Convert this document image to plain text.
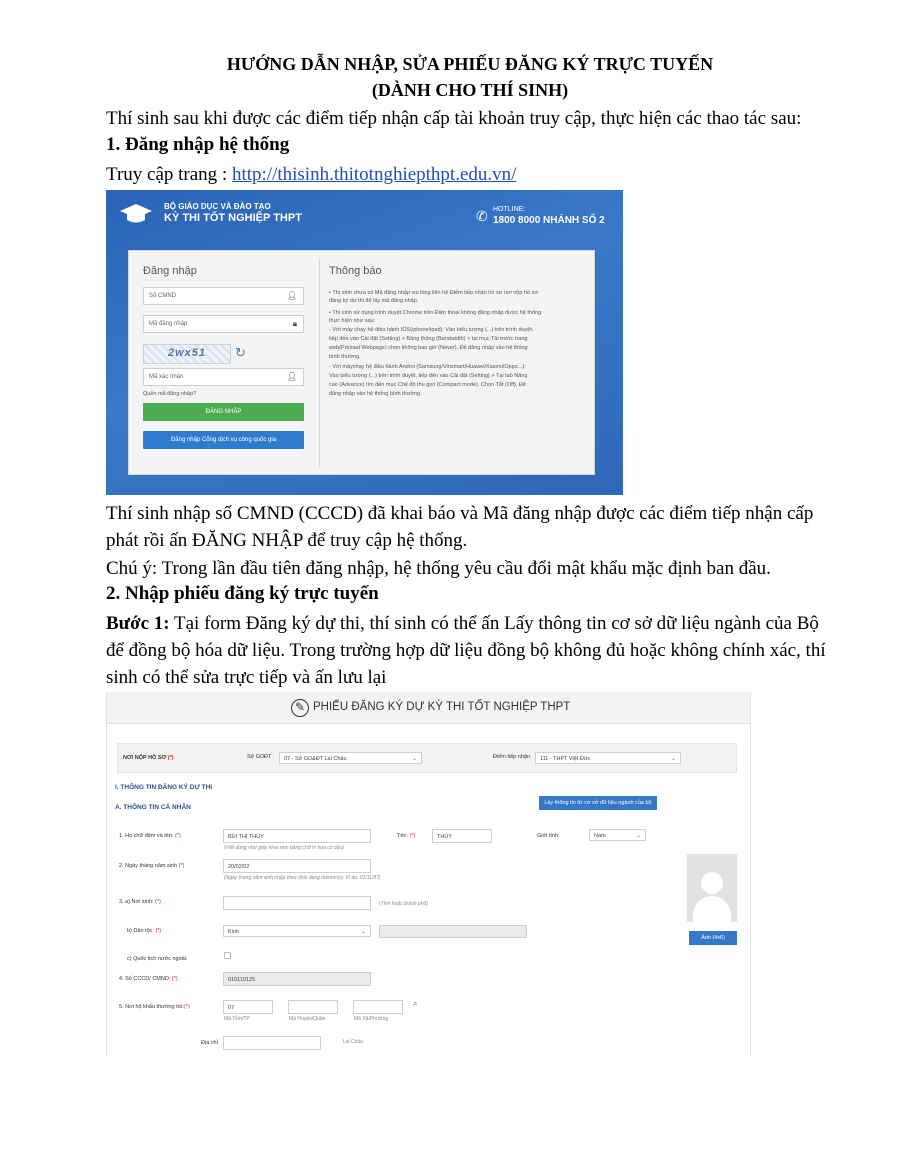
HƯỚNG DẪN NHẬP, SỬA PHIẾU ĐĂNG KÝ TRỰC TUYẾN
(DÀNH CHO THÍ SINH)
Thí sinh sau khi được các điểm tiếp nhận cấp tài khoản truy cập, thực hiện các thao tác sau:
1. Đăng nhập hệ thống
Truy cập trang : http://thisinh.thitotnghiepthpt.edu.vn/
BỘ GIÁO DỤC VÀ ĐÀO TẠO
KỲ THI TỐT NGHIỆP THPT	✆ HOTLINE:
1800 8000 NHÁNH SỐ 2
Đăng nhập
Số CMND	👤︎
Mã đăng nhập	🔒︎
2wx51	↻
Mã xác nhận	👤︎
Quên mã đăng nhập?
ĐĂNG NHẬP
Đăng nhập Cổng dịch vụ công quốc gia
Thông báo
• Thí sinh chưa có Mã đăng nhập vui lòng liên hệ Điểm tiếp nhận hồ sơ nơi nộp hồ sơ
đăng ký dự thi để lấy mã đăng nhập.
• Thí sinh sử dụng trình duyệt Chrome trên Điện thoại không đăng nhập được hệ thống
thực hiện như sau:
- Với máy chạy hệ điều hành IOS(iphone/ipad): Vào biểu tượng (...) trên trình duyệt,
tiếp đến vào Cài đặt (Setting) > Băng thông (Bandwidth) > tại mục Tải trước trang
web(Preload Webpage) chọn không bao giờ (Never). Để đăng nhập vào hệ thống
bình thường.
- Với máychạy hệ điều hành Androi (Samsung/Vinsmart/Huawei/Xiaomi/Oppo...):
Vào biểu tượng (...) trên trình duyệt, tiếp đến vào Cài đặt (Setting) > Tại tab Nâng
cao (Advance) tìm đến mục Chế độ thu gọn (Compact mode). Chọn Tắt (Off). Để
đăng nhập vào hệ thống bình thường.
Thí sinh nhập số CMND (CCCD) đã khai báo và Mã đăng nhập được các điểm tiếp nhận cấp
phát rồi ấn ĐĂNG NHẬP để truy cập hệ thống.
Chú ý: Trong lần đầu tiên đăng nhập, hệ thống yêu cầu đổi mật khẩu mặc định ban đầu.
2. Nhập phiếu đăng ký trực tuyến
Bước 1: Tại form Đăng ký dự thi, thí sinh có thể ấn Lấy thông tin cơ sở dữ liệu ngành của Bộ
để đồng bộ hóa dữ liệu. Trong trường hợp dữ liệu đồng bộ không đủ hoặc không chính xác, thí
sinh có thể sửa trực tiếp và ấn lưu lại
✎ PHIẾU ĐĂNG KÝ DỰ KỲ THI TỐT NGHIỆP THPT
NƠI NỘP HỒ SƠ (*)	Sở GDĐT	07 - Sở GD&ĐT Lai Châu	⌄	Điểm tiếp nhận	111 - THPT Việt Đức	⌄
I. THÔNG TIN ĐĂNG KÝ DỰ THI
A. THÔNG TIN CÁ NHÂN
Lấy thông tin từ cơ sở dữ liệu ngành của bộ
1. Họ chữ đệm và tên: (*)	BÙI THỊ THÚY
(Viết đúng như giấy khai sinh bằng chữ in hoa có dấu)
Tên: (*)	THÚY	Giới tính:	Nam	⌄
2. Ngày tháng năm sinh (*)	20/02/02
(Ngày tháng năm sinh nhập theo định dạng dd/mm/yy. Ví dụ: 01/11/87)
3. a) Nơi sinh: (*)	(Tỉnh hoặc thành phố)
b) Dân tộc: (*)	Kinh	⌄
Ảnh (4x6)
c) Quốc tịch nước ngoài:
4. Số CCCD/ CMND: (*)	010110125
5. Nơi hộ khẩu thường trú:(*)	07
Mã Tỉnh/TP	Mã Huyện/Quận	Mã Xã/Phường
⌕
Địa chỉ	Lai Châu
